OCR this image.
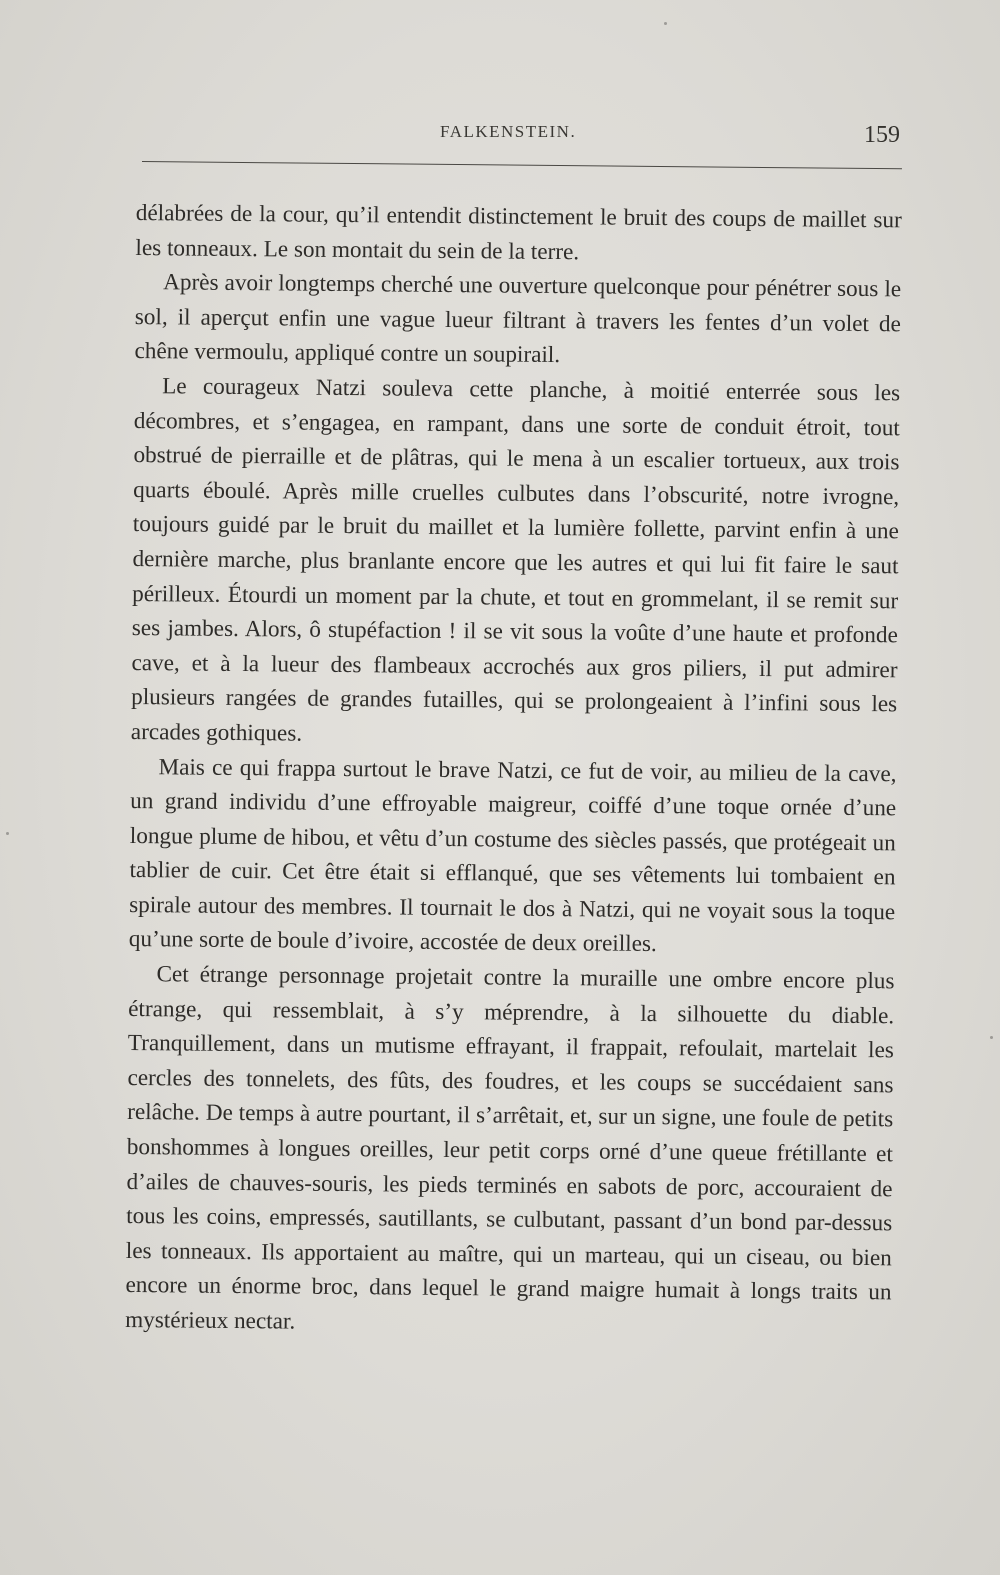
FALKENSTEIN.	159

délabrées de la cour, qu’il entendit distinctement le bruit des coups de maillet sur les tonneaux. Le son montait du sein de la terre.

Après avoir longtemps cherché une ouverture quelconque pour pénétrer sous le sol, il aperçut enfin une vague lueur filtrant à travers les fentes d’un volet de chêne vermoulu, appliqué contre un soupirail.

Le courageux Natzi souleva cette planche, à moitié enterrée sous les décombres, et s’engagea, en rampant, dans une sorte de conduit étroit, tout obstrué de pierraille et de plâtras, qui le mena à un escalier tortueux, aux trois quarts éboulé. Après mille cruelles culbutes dans l’obscurité, notre ivrogne, toujours guidé par le bruit du maillet et la lumière follette, parvint enfin à une dernière marche, plus branlante encore que les autres et qui lui fit faire le saut périlleux. Étourdi un moment par la chute, et tout en grommelant, il se remit sur ses jambes. Alors, ô stupéfaction ! il se vit sous la voûte d’une haute et profonde cave, et à la lueur des flambeaux accrochés aux gros piliers, il put admirer plusieurs rangées de grandes futailles, qui se prolongeaient à l’infini sous les arcades gothiques.

Mais ce qui frappa surtout le brave Natzi, ce fut de voir, au milieu de la cave, un grand individu d’une effroyable maigreur, coiffé d’une toque ornée d’une longue plume de hibou, et vêtu d’un costume des siècles passés, que protégeait un tablier de cuir. Cet être était si efflanqué, que ses vêtements lui tombaient en spirale autour des membres. Il tournait le dos à Natzi, qui ne voyait sous la toque qu’une sorte de boule d’ivoire, accostée de deux oreilles.

Cet étrange personnage projetait contre la muraille une ombre encore plus étrange, qui ressemblait, à s’y méprendre, à la silhouette du diable. Tranquillement, dans un mutisme effrayant, il frappait, refoulait, martelait les cercles des tonnelets, des fûts, des foudres, et les coups se succédaient sans relâche. De temps à autre pourtant, il s’arrêtait, et, sur un signe, une foule de petits bonshommes à longues oreilles, leur petit corps orné d’une queue frétillante et d’ailes de chauves-souris, les pieds terminés en sabots de porc, accouraient de tous les coins, empressés, sautillants, se culbutant, passant d’un bond par-dessus les tonneaux. Ils apportaient au maître, qui un marteau, qui un ciseau, ou bien encore un énorme broc, dans lequel le grand maigre humait à longs traits un mystérieux nectar.
